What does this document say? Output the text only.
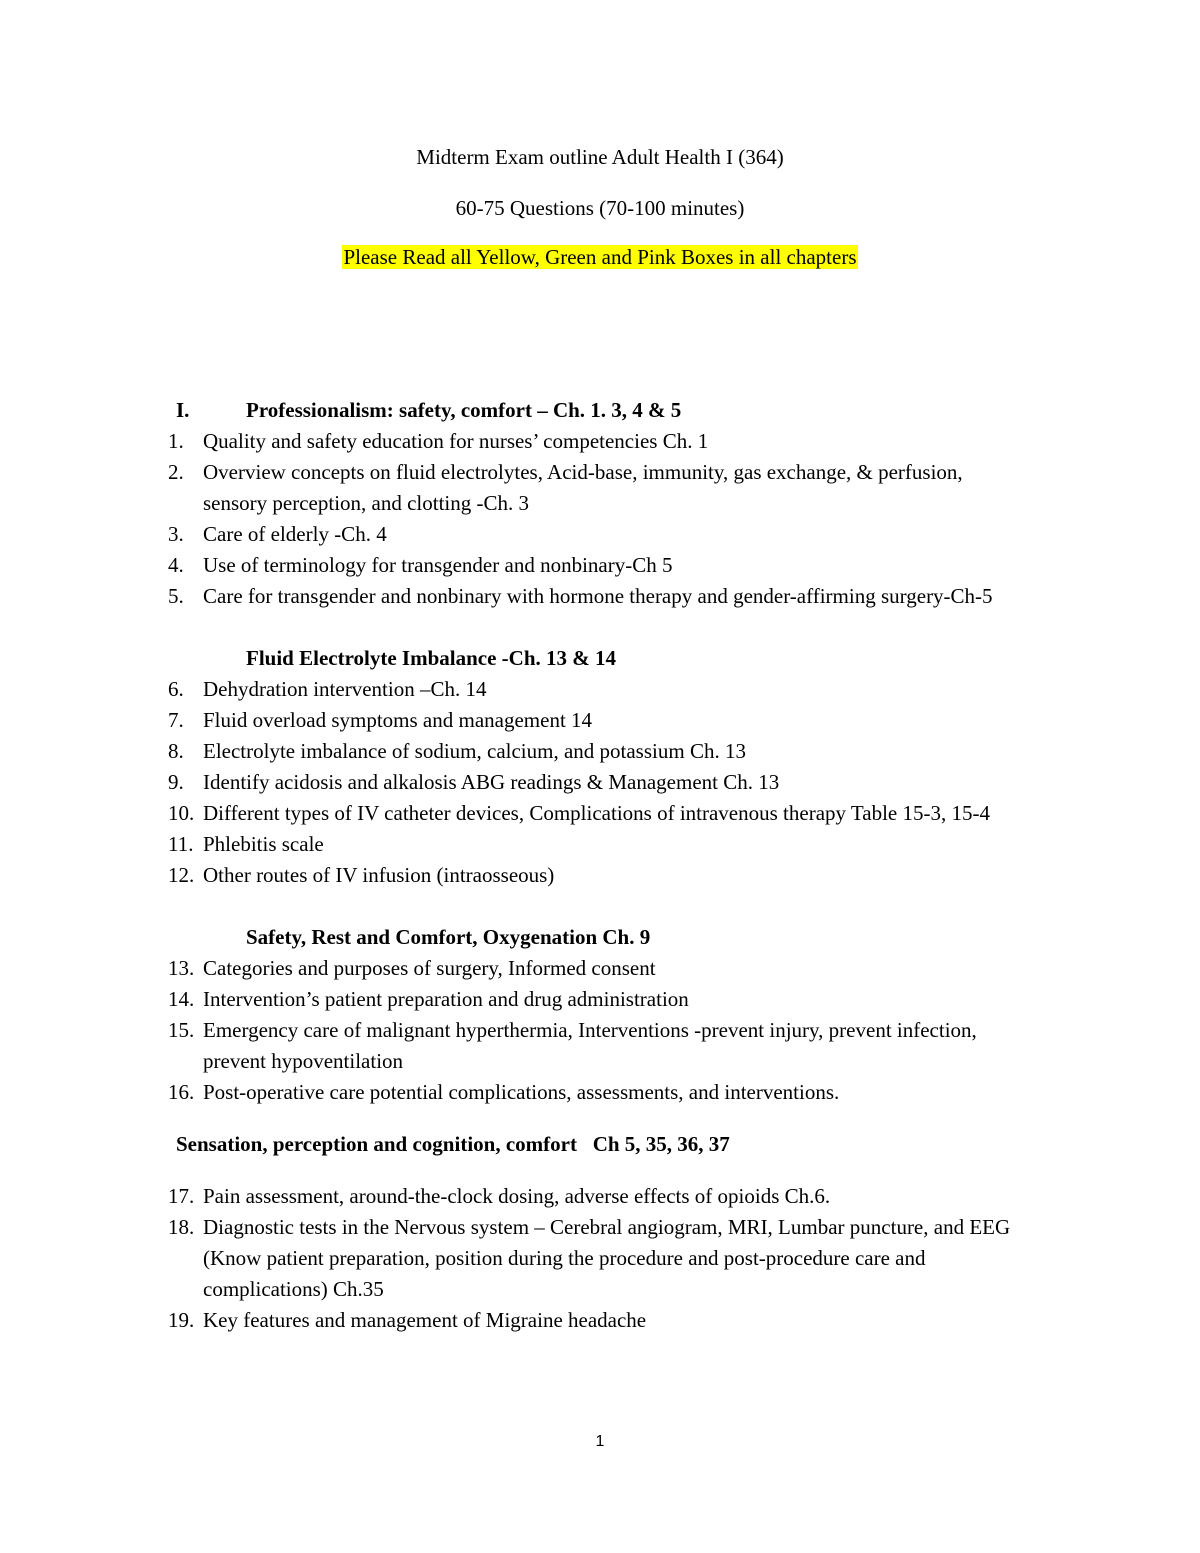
Midterm Exam outline Adult Health I (364)
60-75 Questions (70-100 minutes)
Please Read all Yellow, Green and Pink Boxes in all chapters
I.	Professionalism: safety, comfort – Ch. 1. 3, 4 & 5
1. Quality and safety education for nurses’ competencies Ch. 1
2. Overview concepts on fluid electrolytes, Acid-base, immunity, gas exchange, & perfusion, sensory perception, and clotting -Ch. 3
3. Care of elderly -Ch. 4
4. Use of terminology for transgender and nonbinary-Ch 5
5. Care for transgender and nonbinary with hormone therapy and gender-affirming surgery-Ch-5
Fluid Electrolyte Imbalance -Ch. 13 & 14
6. Dehydration intervention –Ch. 14
7. Fluid overload symptoms and management 14
8. Electrolyte imbalance of sodium, calcium, and potassium Ch. 13
9. Identify acidosis and alkalosis ABG readings & Management Ch. 13
10. Different types of IV catheter devices, Complications of intravenous therapy Table 15-3, 15-4
11. Phlebitis scale
12. Other routes of IV infusion (intraosseous)
Safety, Rest and Comfort, Oxygenation Ch. 9
13. Categories and purposes of surgery, Informed consent
14. Intervention’s patient preparation and drug administration
15. Emergency care of malignant hyperthermia, Interventions -prevent injury, prevent infection, prevent hypoventilation
16. Post-operative care potential complications, assessments, and interventions.
Sensation, perception and cognition, comfort   Ch 5, 35, 36, 37
17. Pain assessment, around-the-clock dosing, adverse effects of opioids Ch.6.
18. Diagnostic tests in the Nervous system – Cerebral angiogram, MRI, Lumbar puncture, and EEG (Know patient preparation, position during the procedure and post-procedure care and complications) Ch.35
19. Key features and management of Migraine headache
1
